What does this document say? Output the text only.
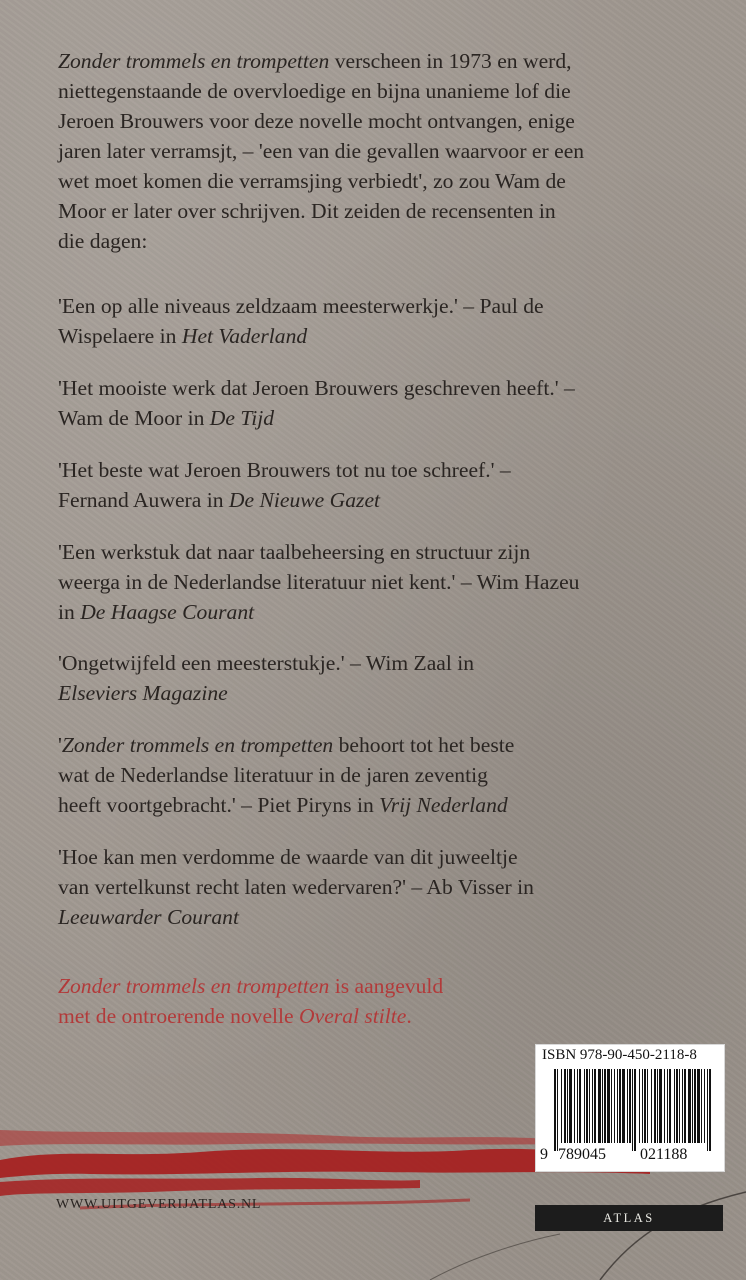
Zonder trommels en trompetten verscheen in 1973 en werd,

niettegenstaande de overvloedige en bijna unanieme lof die

Jeroen Brouwers voor deze novelle mocht ontvangen, enige

jaren later verramsjt, – 'een van die gevallen waarvoor er een

wet moet komen die verramsjing verbiedt', zo zou Wam de

Moor er later over schrijven. Dit zeiden de recensenten in

die dagen:

'Een op alle niveaus zeldzaam meesterwerkje.' – Paul de

Wispelaere in Het Vaderland

'Het mooiste werk dat Jeroen Brouwers geschreven heeft.' –

Wam de Moor in De Tijd

'Het beste wat Jeroen Brouwers tot nu toe schreef.' –

Fernand Auwera in De Nieuwe Gazet

'Een werkstuk dat naar taalbeheersing en structuur zijn

weerga in de Nederlandse literatuur niet kent.' – Wim Hazeu

in De Haagse Courant

'Ongetwijfeld een meesterstukje.' – Wim Zaal in

Elseviers Magazine

'Zonder trommels en trompetten behoort tot het beste

wat de Nederlandse literatuur in de jaren zeventig

heeft voortgebracht.' – Piet Piryns in Vrij Nederland

'Hoe kan men verdomme de waarde van dit juweeltje

van vertelkunst recht laten wedervaren?' – Ab Visser in

Leeuwarder Courant

Zonder trommels en trompetten is aangevuld

met de ontroerende novelle Overal stilte.

WWW.UITGEVERIJATLAS.NL
ISBN 978-90-450-2118-8
9 789045 021188
ATLAS
